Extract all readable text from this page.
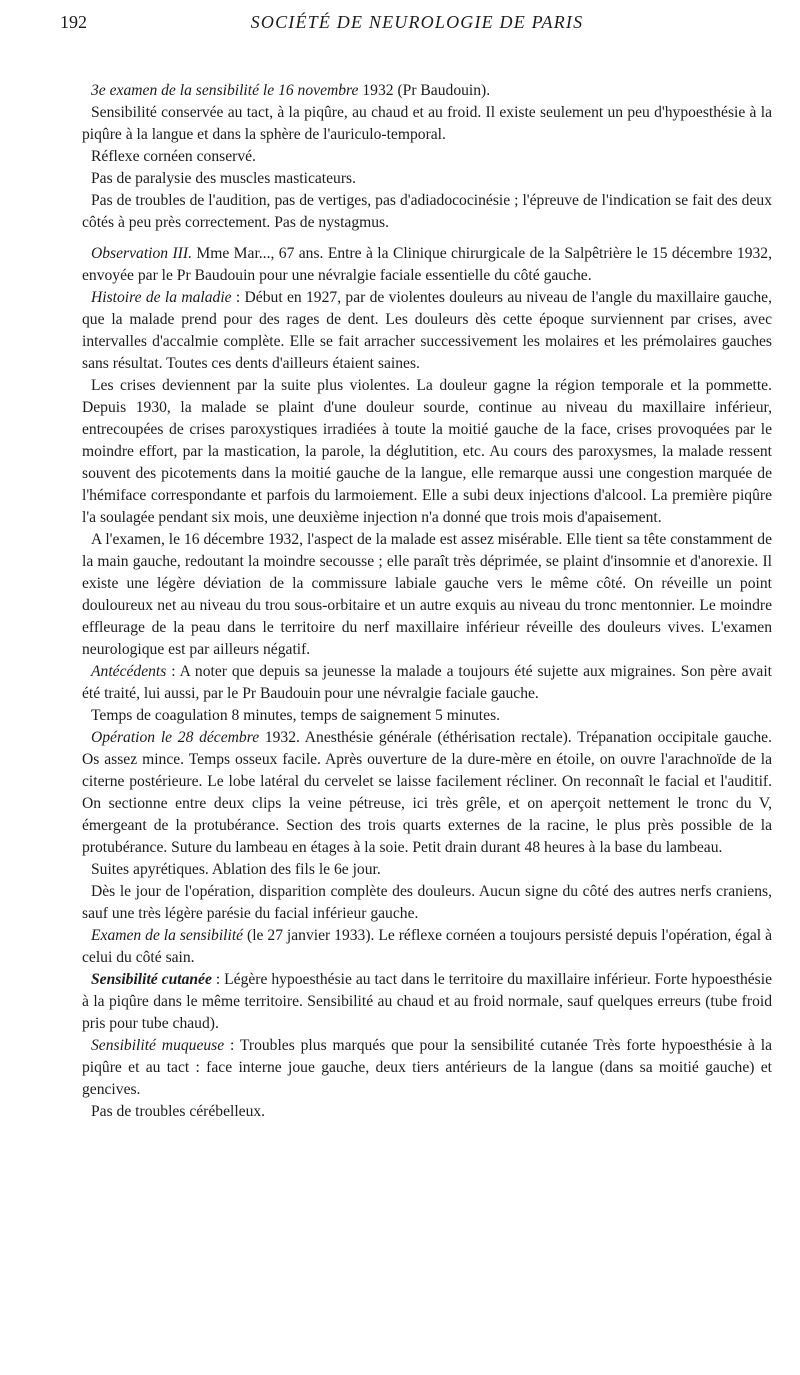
192	SOCIÉTÉ DE NEUROLOGIE DE PARIS

3e examen de la sensibilité le 16 novembre 1932 (Pr Baudouin).

Sensibilité conservée au tact, à la piqûre, au chaud et au froid. Il existe seulement un peu d'hypoesthésie à la piqûre à la langue et dans la sphère de l'auriculo-temporal.

Réflexe cornéen conservé.

Pas de paralysie des muscles masticateurs.

Pas de troubles de l'audition, pas de vertiges, pas d'adiadococinésie ; l'épreuve de l'indication se fait des deux côtés à peu près correctement. Pas de nystagmus.

Observation III. Mme Mar..., 67 ans. Entre à la Clinique chirurgicale de la Salpêtrière le 15 décembre 1932, envoyée par le Pr Baudouin pour une névralgie faciale essentielle du côté gauche.

Histoire de la maladie : Début en 1927, par de violentes douleurs au niveau de l'angle du maxillaire gauche, que la malade prend pour des rages de dent. Les douleurs dès cette époque surviennent par crises, avec intervalles d'accalmie complète. Elle se fait arracher successivement les molaires et les prémolaires gauches sans résultat. Toutes ces dents d'ailleurs étaient saines.

Les crises deviennent par la suite plus violentes. La douleur gagne la région temporale et la pommette. Depuis 1930, la malade se plaint d'une douleur sourde, continue au niveau du maxillaire inférieur, entrecoupées de crises paroxystiques irradiées à toute la moitié gauche de la face, crises provoquées par le moindre effort, par la mastication, la parole, la déglutition, etc. Au cours des paroxysmes, la malade ressent souvent des picotements dans la moitié gauche de la langue, elle remarque aussi une congestion marquée de l'hémiface correspondante et parfois du larmoiement. Elle a subi deux injections d'alcool. La première piqûre l'a soulagée pendant six mois, une deuxième injection n'a donné que trois mois d'apaisement.

A l'examen, le 16 décembre 1932, l'aspect de la malade est assez misérable. Elle tient sa tête constamment de la main gauche, redoutant la moindre secousse ; elle paraît très déprimée, se plaint d'insomnie et d'anorexie. Il existe une légère déviation de la commissure labiale gauche vers le même côté. On réveille un point douloureux net au niveau du trou sous-orbitaire et un autre exquis au niveau du tronc mentonnier. Le moindre effleurage de la peau dans le territoire du nerf maxillaire inférieur réveille des douleurs vives. L'examen neurologique est par ailleurs négatif.

Antécédents : A noter que depuis sa jeunesse la malade a toujours été sujette aux migraines. Son père avait été traité, lui aussi, par le Pr Baudouin pour une névralgie faciale gauche.

Temps de coagulation 8 minutes, temps de saignement 5 minutes.

Opération le 28 décembre 1932. Anesthésie générale (éthérisation rectale). Trépanation occipitale gauche. Os assez mince. Temps osseux facile. Après ouverture de la dure-mère en étoile, on ouvre l'arachnoïde de la citerne postérieure. Le lobe latéral du cervelet se laisse facilement récliner. On reconnaît le facial et l'auditif. On sectionne entre deux clips la veine pétreuse, ici très grêle, et on aperçoit nettement le tronc du V, émergeant de la protubérance. Section des trois quarts externes de la racine, le plus près possible de la protubérance. Suture du lambeau en étages à la soie. Petit drain durant 48 heures à la base du lambeau.

Suites apyrétiques. Ablation des fils le 6e jour.

Dès le jour de l'opération, disparition complète des douleurs. Aucun signe du côté des autres nerfs craniens, sauf une très légère parésie du facial inférieur gauche.

Examen de la sensibilité (le 27 janvier 1933). Le réflexe cornéen a toujours persisté depuis l'opération, égal à celui du côté sain.

Sensibilité cutanée : Légère hypoesthésie au tact dans le territoire du maxillaire inférieur. Forte hypoesthésie à la piqûre dans le même territoire. Sensibilité au chaud et au froid normale, sauf quelques erreurs (tube froid pris pour tube chaud).

Sensibilité muqueuse : Troubles plus marqués que pour la sensibilité cutanée Très forte hypoesthésie à la piqûre et au tact : face interne joue gauche, deux tiers antérieurs de la langue (dans sa moitié gauche) et gencives.

Pas de troubles cérébelleux.
